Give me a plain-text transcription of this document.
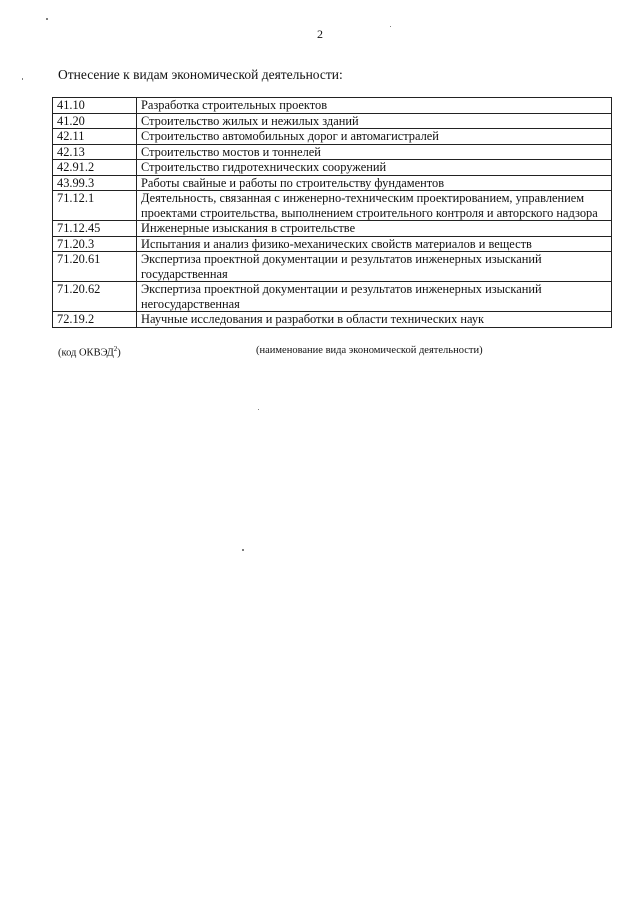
2
Отнесение к видам экономической деятельности:
41.10	Разработка строительных проектов
41.20	Строительство жилых и нежилых зданий
42.11	Строительство автомобильных дорог и автомагистралей
42.13	Строительство мостов и тоннелей
42.91.2	Строительство гидротехнических сооружений
43.99.3	Работы свайные и работы по строительству фундаментов
71.12.1	Деятельность, связанная с инженерно-техническим проектированием, управлением проектами строительства, выполнением строительного контроля и авторского надзора
71.12.45	Инженерные изыскания в строительстве
71.20.3	Испытания и анализ физико-механических свойств материалов и веществ
71.20.61	Экспертиза проектной документации и результатов инженерных изысканий государственная
71.20.62	Экспертиза проектной документации и результатов инженерных изысканий негосударственная
72.19.2	Научные исследования и разработки в области технических наук
(код ОКВЭД$^2$)	(наименование вида экономической деятельности)
